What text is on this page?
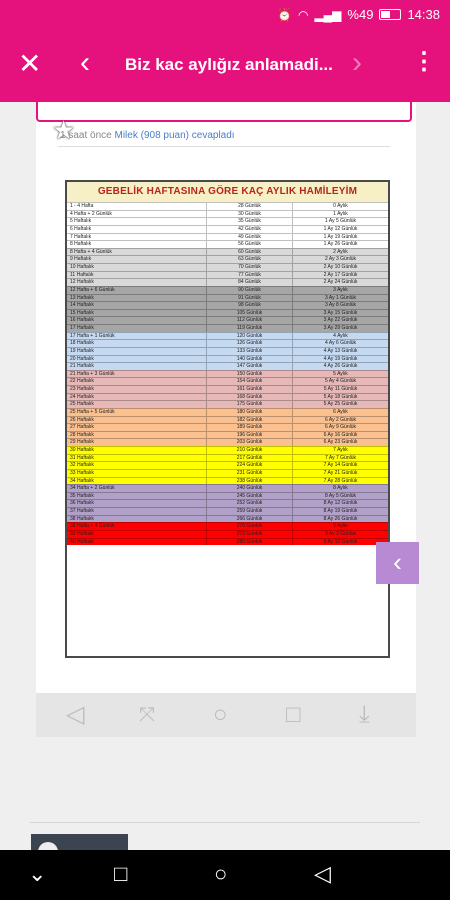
⏰ ◠ ▂▄▆ %49	14:38
✕ ‹ Biz kac aylığız anlamadi... › ⋮
★
1 saat önce Milek (908 puan) cevapladı
GEBELİK HAFTASINA GÖRE KAÇ AYLIK HAMİLEYİM
1 - 4 Hafta	28 Günlük	0 Aylık
4 Hafta + 2 Günlük	30 Günlük	1 Aylık
5 Haftalık	35 Günlük	1 Ay 5 Günlük
6 Haftalık	42 Günlük	1 Ay 12 Günlük
7 Haftalık	49 Günlük	1 Ay 19 Günlük
8 Haftalık	56 Günlük	1 Ay 26 Günlük
8 Hafta + 4 Günlük	60 Günlük	2 Aylık
9 Haftalık	63 Günlük	2 Ay 3 Günlük
10 Haftalık	70 Günlük	2 Ay 10 Günlük
11 Haftalık	77 Günlük	2 Ay 17 Günlük
12 Haftalık	84 Günlük	2 Ay 24 Günlük
12 Hafta + 6 Günlük	90 Günlük	3 Aylık
13 Haftalık	91 Günlük	3 Ay 1 Günlük
14 Haftalık	98 Günlük	3 Ay 8 Günlük
15 Haftalık	105 Günlük	3 Ay 15 Günlük
16 Haftalık	112 Günlük	3 Ay 22 Günlük
17 Haftalık	119 Günlük	3 Ay 29 Günlük
17 Hafta + 1 Günlük	120 Günlük	4 Aylık
18 Haftalık	126 Günlük	4 Ay 6 Günlük
19 Haftalık	133 Günlük	4 Ay 13 Günlük
20 Haftalık	140 Günlük	4 Ay 19 Günlük
21 Haftalık	147 Günlük	4 Ay 26 Günlük
21 Hafta + 3 Günlük	150 Günlük	5 Aylık
22 Haftalık	154 Günlük	5 Ay 4 Günlük
23 Haftalık	161 Günlük	5 Ay 11 Günlük
24 Haftalık	168 Günlük	5 Ay 18 Günlük
25 Haftalık	175 Günlük	5 Ay 25 Günlük
25 Hafta + 5 Günlük	180 Günlük	6 Aylık
26 Haftalık	182 Günlük	6 Ay 2 Günlük
27 Haftalık	189 Günlük	6 Ay 9 Günlük
28 Haftalık	196 Günlük	6 Ay 16 Günlük
29 Haftalık	203 Günlük	6 Ay 23 Günlük
30 Haftalık	210 Günlük	7 Aylık
31 Haftalık	217 Günlük	7 Ay 7 Günlük
32 Haftalık	224 Günlük	7 Ay 14 Günlük
33 Haftalık	231 Günlük	7 Ay 21 Günlük
34 Haftalık	238 Günlük	7 Ay 28 Günlük
34 Hafta + 2 Günlük	240 Günlük	8 Aylık
35 Haftalık	245 Günlük	8 Ay 5 Günlük
36 Haftalık	252 Günlük	8 Ay 12 Günlük
37 Haftalık	259 Günlük	8 Ay 19 Günlük
38 Haftalık	266 Günlük	8 Ay 26 Günlük
38 Hafta + 4 Günlük	270 Günlük	9 Aylık
39 Haftalık	273 Günlük	9 Ay 3 Günlük
40 Haftalık	280 Günlük	9 Ay 10 Günlük
‹
◁	⤧ ○ □ ⤓
⌄	□	○	◁
